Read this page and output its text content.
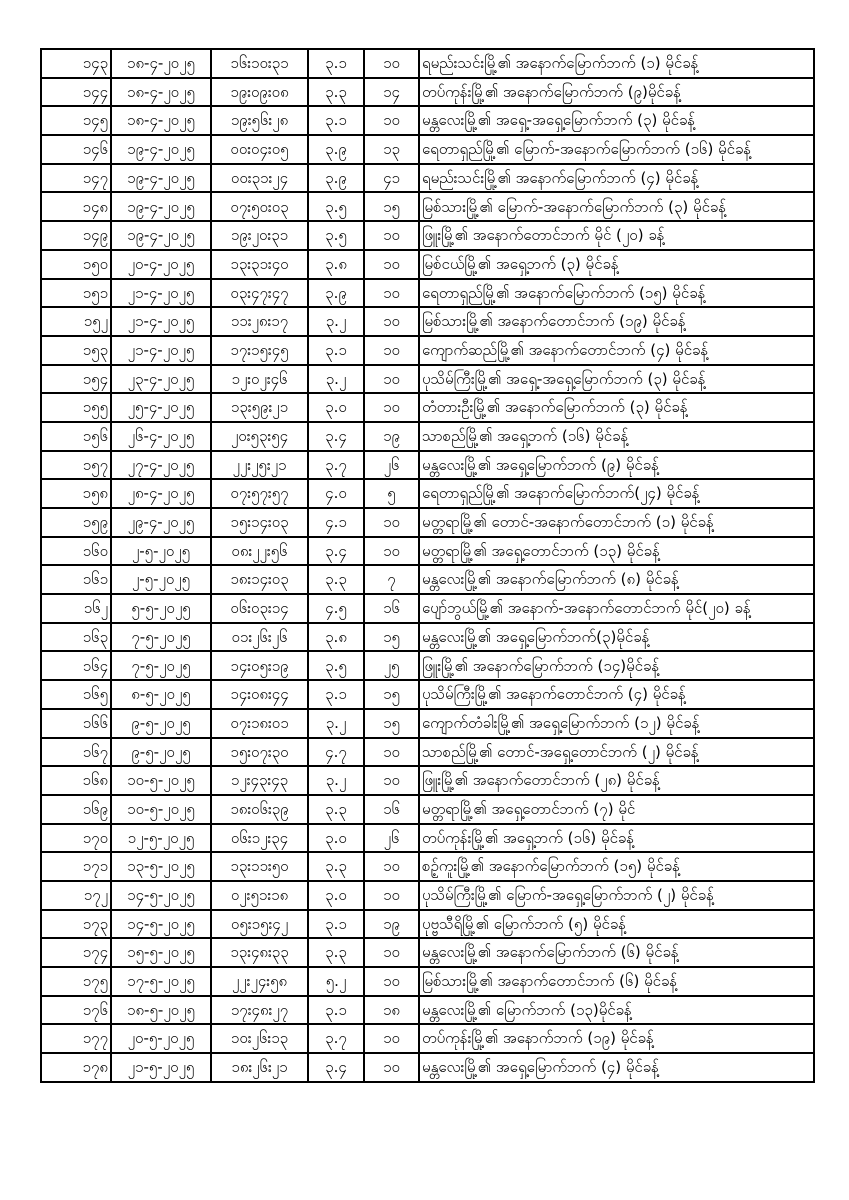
၁၄၃	၁၈-၄-၂၀၂၅	၁၆း၁၀း၃၁	၃.၁	၁၀	ရမည်းသင်းမြို့၏ အနောက်မြောက်ဘက် (၁) မိုင်ခန့်
၁၄၄	၁၈-၄-၂၀၂၅	၁၉း၀၉း၀၈	၃.၃	၁၄	တပ်ကုန်းမြို့၏ အနောက်မြောက်ဘက် (၉)မိုင်ခန့်
၁၄၅	၁၈-၄-၂၀၂၅	၁၉း၅၆း၂၈	၃.၁	၁၀	မန္တလေးမြို့၏ အရှေ့-အရှေ့မြောက်ဘက် (၃) မိုင်ခန့်
၁၄၆	၁၉-၄-၂၀၂၅	၀၀း၀၄း၀၅	၃.၉	၁၃	ရေတာရှည်မြို့၏ မြောက်-အနောက်မြောက်ဘက် (၁၆) မိုင်ခန့်
၁၄၇	၁၉-၄-၂၀၂၅	၀၀း၃၁း၂၄	၃.၉	၄၁	ရမည်းသင်းမြို့၏ အနောက်မြောက်ဘက် (၄) မိုင်ခန့်
၁၄၈	၁၉-၄-၂၀၂၅	၀၇း၅၀း၀၃	၃.၅	၁၅	မြစ်သားမြို့၏ မြောက်-အနောက်မြောက်ဘက် (၃) မိုင်ခန့်
၁၄၉	၁၉-၄-၂၀၂၅	၁၉း၂၀း၃၁	၃.၅	၁၀	ဖြူးမြို့၏ အနောက်တောင်ဘက် မိုင် (၂၀) ခန့်
၁၅၀	၂၀-၄-၂၀၂၅	၁၃း၃၁း၄၀	၃.၈	၁၀	မြစ်ငယ်မြို့၏ အရှေ့ဘက် (၃) မိုင်ခန့်
၁၅၁	၂၁-၄-၂၀၂၅	၀၃း၄၇း၄၇	၃.၉	၁၀	ရေတာရှည်မြို့၏ အနောက်မြောက်ဘက် (၁၅) မိုင်ခန့်
၁၅၂	၂၁-၄-၂၀၂၅	၁၁း၂၈း၁၇	၃.၂	၁၀	မြစ်သားမြို့၏ အနောက်တောင်ဘက် (၁၉) မိုင်ခန့်
၁၅၃	၂၁-၄-၂၀၂၅	၁၇း၁၅း၄၅	၃.၁	၁၀	ကျောက်ဆည်မြို့၏ အနောက်တောင်ဘက် (၄) မိုင်ခန့်
၁၅၄	၂၃-၄-၂၀၂၅	၁၂း၀၂း၄၆	၃.၂	၁၀	ပုသိမ်ကြီးမြို့၏ အရှေ့-အရှေ့မြောက်ဘက် (၃) မိုင်ခန့်
၁၅၅	၂၅-၄-၂၀၂၅	၁၃း၅၉း၂၁	၃.၀	၁၀	တံတားဦးမြို့၏ အနောက်မြောက်ဘက် (၃) မိုင်ခန့်
၁၅၆	၂၆-၄-၂၀၂၅	၂၀း၅၃း၅၄	၃.၄	၁၉	သာစည်မြို့၏ အရှေ့ဘက် (၁၆) မိုင်ခန့်
၁၅၇	၂၇-၄-၂၀၂၅	၂၂း၂၅း၂၁	၃.၇	၂၆	မန္တလေးမြို့၏ အရှေ့မြောက်ဘက် (၉) မိုင်ခန့်
၁၅၈	၂၈-၄-၂၀၂၅	၀၇း၅၇း၅၇	၄.၀	၅	ရေတာရှည်မြို့၏ အနောက်မြောက်ဘက်(၂၄) မိုင်ခန့်
၁၅၉	၂၉-၄-၂၀၂၅	၁၅း၁၄း၀၃	၄.၁	၁၀	မတ္တရာမြို့၏ တောင်-အနောက်တောင်ဘက် (၁) မိုင်ခန့်
၁၆၀	၂-၅-၂၀၂၅	၀၈း၂၂း၅၆	၃.၄	၁၀	မတ္တရာမြို့၏ အရှေ့တောင်ဘက် (၁၃) မိုင်ခန့်
၁၆၁	၂-၅-၂၀၂၅	၁၈း၁၄း၀၃	၃.၃	၇	မန္တလေးမြို့၏ အနောက်မြောက်ဘက် (၈) မိုင်ခန့်
၁၆၂	၅-၅-၂၀၂၅	၀၆း၀၃း၁၄	၄.၅	၁၆	ပျော်ဘွယ်မြို့၏ အနောက်-အနောက်တောင်ဘက် မိုင်(၂၀) ခန့်
၁၆၃	၇-၅-၂၀၂၅	၀၁း၂၆း၂၆	၃.၈	၁၅	မန္တလေးမြို့၏ အရှေ့မြောက်ဘက်(၃)မိုင်ခန့်
၁၆၄	၇-၅-၂၀၂၅	၁၄း၀၅း၁၉	၃.၅	၂၅	ဖြူးမြို့၏ အနောက်မြောက်ဘက် (၁၄)မိုင်ခန့်
၁၆၅	၈-၅-၂၀၂၅	၁၄း၀၈း၄၄	၃.၁	၁၅	ပုသိမ်ကြီးမြို့၏ အနောက်တောင်ဘက် (၄) မိုင်ခန့်
၁၆၆	၉-၅-၂၀၂၅	၀၇း၁၈း၀၁	၃.၂	၁၅	ကျောက်တံခါးမြို့၏ အရှေ့မြောက်ဘက် (၁၂) မိုင်ခန့်
၁၆၇	၉-၅-၂၀၂၅	၁၅း၀၇း၃၀	၄.၇	၁၀	သာစည်မြို့၏ တောင်-အရှေ့တောင်ဘက် (၂) မိုင်ခန့်
၁၆၈	၁၀-၅-၂၀၂၅	၁၂း၄၃း၄၃	၃.၂	၁၀	ဖြူးမြို့၏ အနောက်တောင်ဘက် (၂၈) မိုင်ခန့်
၁၆၉	၁၀-၅-၂၀၂၅	၁၈း၀၆း၃၉	၃.၃	၁၆	မတ္တရာမြို့၏ အရှေ့တောင်ဘက် (၇) မိုင်
၁၇၀	၁၂-၅-၂၀၂၅	၀၆း၁၂း၃၄	၃.၀	၂၆	တပ်ကုန်းမြို့၏ အရှေ့ဘက် (၁၆) မိုင်ခန့်
၁၇၁	၁၃-၅-၂၀၂၅	၁၃း၁၁း၅၀	၃.၃	၁၀	စဉ့်ကူးမြို့၏ အနောက်မြောက်ဘက် (၁၅) မိုင်ခန့်
၁၇၂	၁၄-၅-၂၀၂၅	၀၂း၅၁း၁၈	၃.၀	၁၀	ပုသိမ်ကြီးမြို့၏ မြောက်-အရှေ့မြောက်ဘက် (၂) မိုင်ခန့်
၁၇၃	၁၄-၅-၂၀၂၅	၀၅း၁၅း၄၂	၃.၁	၁၉	ပုဗ္ဗသီရိမြို့၏ မြောက်ဘက် (၅) မိုင်ခန့်
၁၇၄	၁၅-၅-၂၀၂၅	၁၃း၄၈း၃၃	၃.၃	၁၀	မန္တလေးမြို့၏ အနောက်မြောက်ဘက် (၆) မိုင်ခန့်
၁၇၅	၁၇-၅-၂၀၂၅	၂၂း၂၄း၅၈	၅.၂	၁၀	မြစ်သားမြို့၏ အနောက်တောင်ဘက် (၆) မိုင်ခန့်
၁၇၆	၁၈-၅-၂၀၂၅	၁၇း၄၈း၂၇	၃.၁	၁၈	မန္တလေးမြို့၏ မြောက်ဘက် (၁၃)မိုင်ခန့်
၁၇၇	၂၀-၅-၂၀၂၅	၁၀း၂၆း၁၃	၃.၇	၁၀	တပ်ကုန်းမြို့၏ အနောက်ဘက် (၁၉) မိုင်ခန့်
၁၇၈	၂၁-၅-၂၀၂၅	၁၈း၂၆း၂၁	၃.၄	၁၀	မန္တလေးမြို့၏ အရှေ့မြောက်ဘက် (၄) မိုင်ခန့်
